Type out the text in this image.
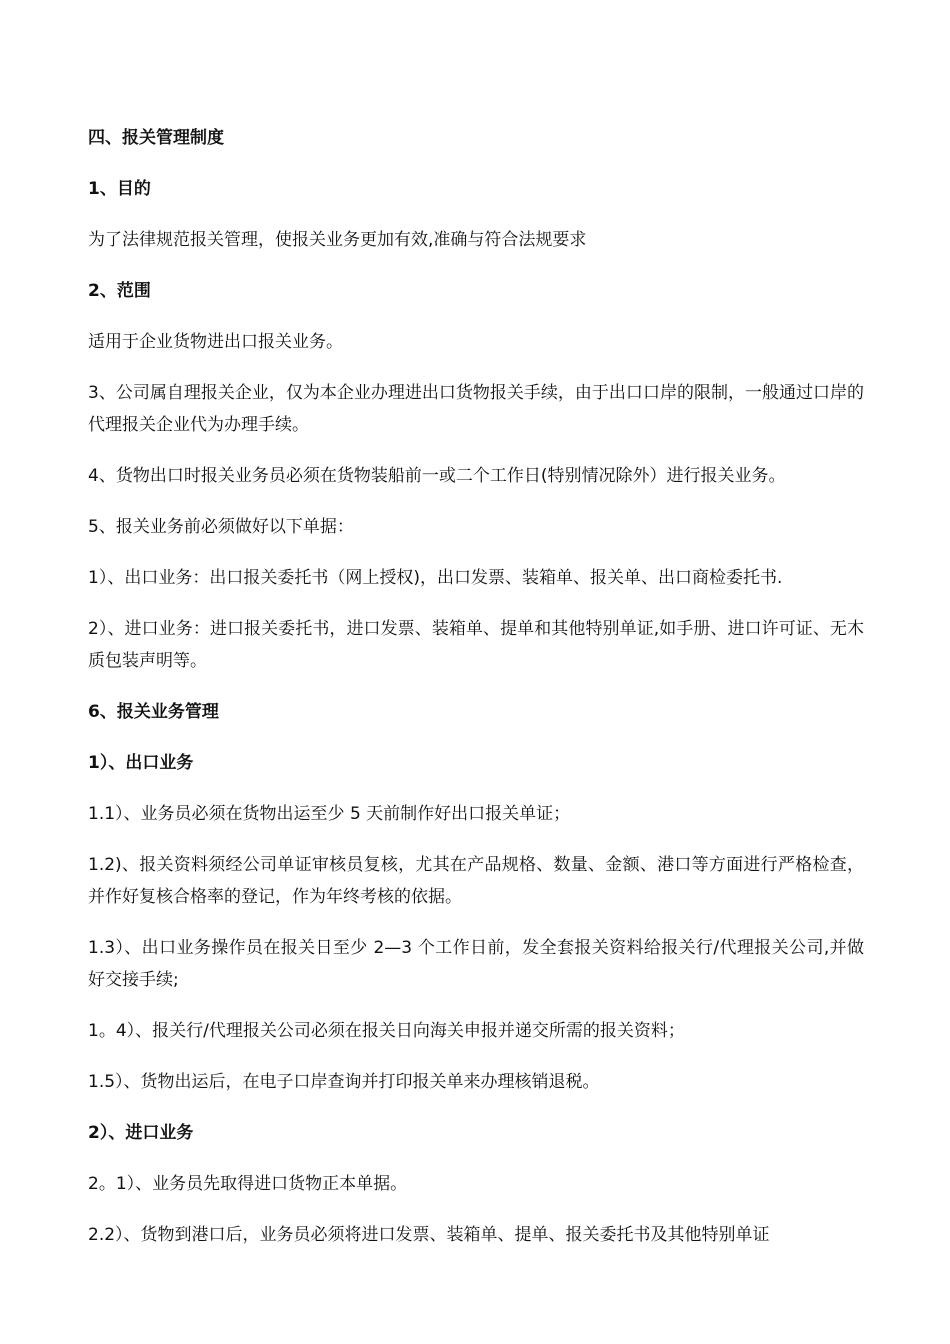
四、报关管理制度

1、目的

为了法律规范报关管理，使报关业务更加有效,准确与符合法规要求

2、范围

适用于企业货物进出口报关业务。

3、公司属自理报关企业，仅为本企业办理进出口货物报关手续，由于出口口岸的限制，一般通过口岸的代理报关企业代为办理手续。

4、货物出口时报关业务员必须在货物装船前一或二个工作日(特别情况除外）进行报关业务。

5、报关业务前必须做好以下单据：

1）、出口业务：出口报关委托书（网上授权)，出口发票、装箱单、报关单、出口商检委托书.

2）、进口业务：进口报关委托书，进口发票、装箱单、提单和其他特别单证,如手册、进口许可证、无木质包装声明等。

6、报关业务管理

1）、出口业务

1.1）、业务员必须在货物出运至少 5 天前制作好出口报关单证；

1.2)、报关资料须经公司单证审核员复核，尤其在产品规格、数量、金额、港口等方面进行严格检查，并作好复核合格率的登记，作为年终考核的依据。

1.3）、出口业务操作员在报关日至少 2—3 个工作日前，发全套报关资料给报关行/代理报关公司,并做好交接手续;

1。4）、报关行/代理报关公司必须在报关日向海关申报并递交所需的报关资料；

1.5）、货物出运后，在电子口岸查询并打印报关单来办理核销退税。

2）、进口业务

2。1）、业务员先取得进口货物正本单据。

2.2）、货物到港口后，业务员必须将进口发票、装箱单、提单、报关委托书及其他特别单证
